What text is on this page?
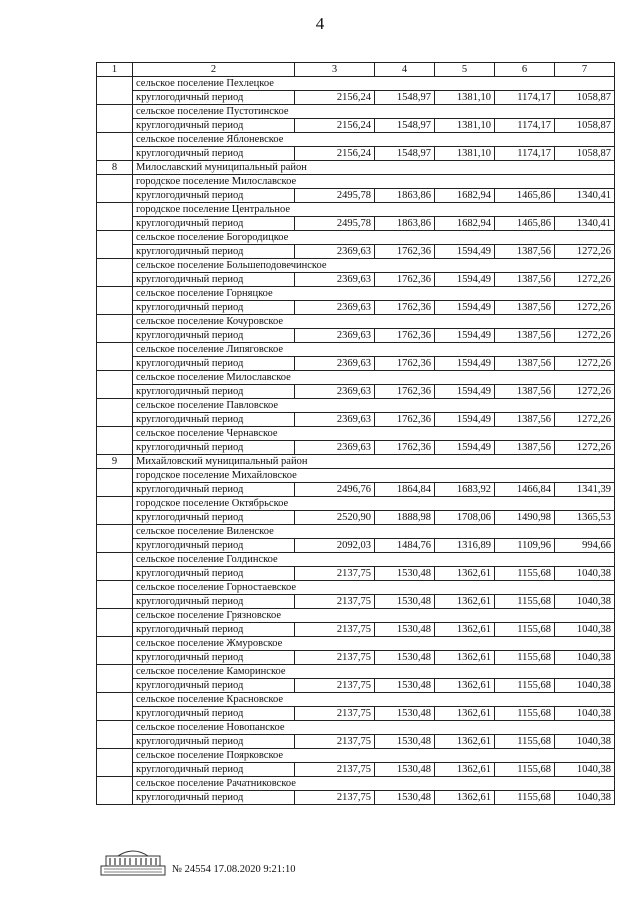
4
1	2	3	4	5	6	7
	сельское поселение Пехлецкое					
	круглогодичный период	2156,24	1548,97	1381,10	1174,17	1058,87
	сельское поселение Пустотинское					
	круглогодичный период	2156,24	1548,97	1381,10	1174,17	1058,87
	сельское поселение Яблоневское					
	круглогодичный период	2156,24	1548,97	1381,10	1174,17	1058,87
8	Милославский муниципальный район					
	городское поселение Милославское					
	круглогодичный период	2495,78	1863,86	1682,94	1465,86	1340,41
	городское поселение Центральное					
	круглогодичный период	2495,78	1863,86	1682,94	1465,86	1340,41
	сельское поселение Богородицкое					
	круглогодичный период	2369,63	1762,36	1594,49	1387,56	1272,26
	сельское поселение Большеподовечинское					
	круглогодичный период	2369,63	1762,36	1594,49	1387,56	1272,26
	сельское поселение Горняцкое					
	круглогодичный период	2369,63	1762,36	1594,49	1387,56	1272,26
	сельское поселение Кочуровское					
	круглогодичный период	2369,63	1762,36	1594,49	1387,56	1272,26
	сельское поселение Липяговское					
	круглогодичный период	2369,63	1762,36	1594,49	1387,56	1272,26
	сельское поселение Милославское					
	круглогодичный период	2369,63	1762,36	1594,49	1387,56	1272,26
	сельское поселение Павловское					
	круглогодичный период	2369,63	1762,36	1594,49	1387,56	1272,26
	сельское поселение Чернавское					
	круглогодичный период	2369,63	1762,36	1594,49	1387,56	1272,26
9	Михайловский муниципальный район					
	городское поселение Михайловское					
	круглогодичный период	2496,76	1864,84	1683,92	1466,84	1341,39
	городское поселение Октябрьское					
	круглогодичный период	2520,90	1888,98	1708,06	1490,98	1365,53
	сельское поселение Виленское					
	круглогодичный период	2092,03	1484,76	1316,89	1109,96	994,66
	сельское поселение Голдинское					
	круглогодичный период	2137,75	1530,48	1362,61	1155,68	1040,38
	сельское поселение Горностаевское					
	круглогодичный период	2137,75	1530,48	1362,61	1155,68	1040,38
	сельское поселение Грязновское					
	круглогодичный период	2137,75	1530,48	1362,61	1155,68	1040,38
	сельское поселение Жмуровское					
	круглогодичный период	2137,75	1530,48	1362,61	1155,68	1040,38
	сельское поселение Каморинское					
	круглогодичный период	2137,75	1530,48	1362,61	1155,68	1040,38
	сельское поселение Красновское					
	круглогодичный период	2137,75	1530,48	1362,61	1155,68	1040,38
	сельское поселение Новопанское					
	круглогодичный период	2137,75	1530,48	1362,61	1155,68	1040,38
	сельское поселение Поярковское					
	круглогодичный период	2137,75	1530,48	1362,61	1155,68	1040,38
	сельское поселение Рачатниковское					
	круглогодичный период	2137,75	1530,48	1362,61	1155,68	1040,38
№ 24554 17.08.2020 9:21:10
